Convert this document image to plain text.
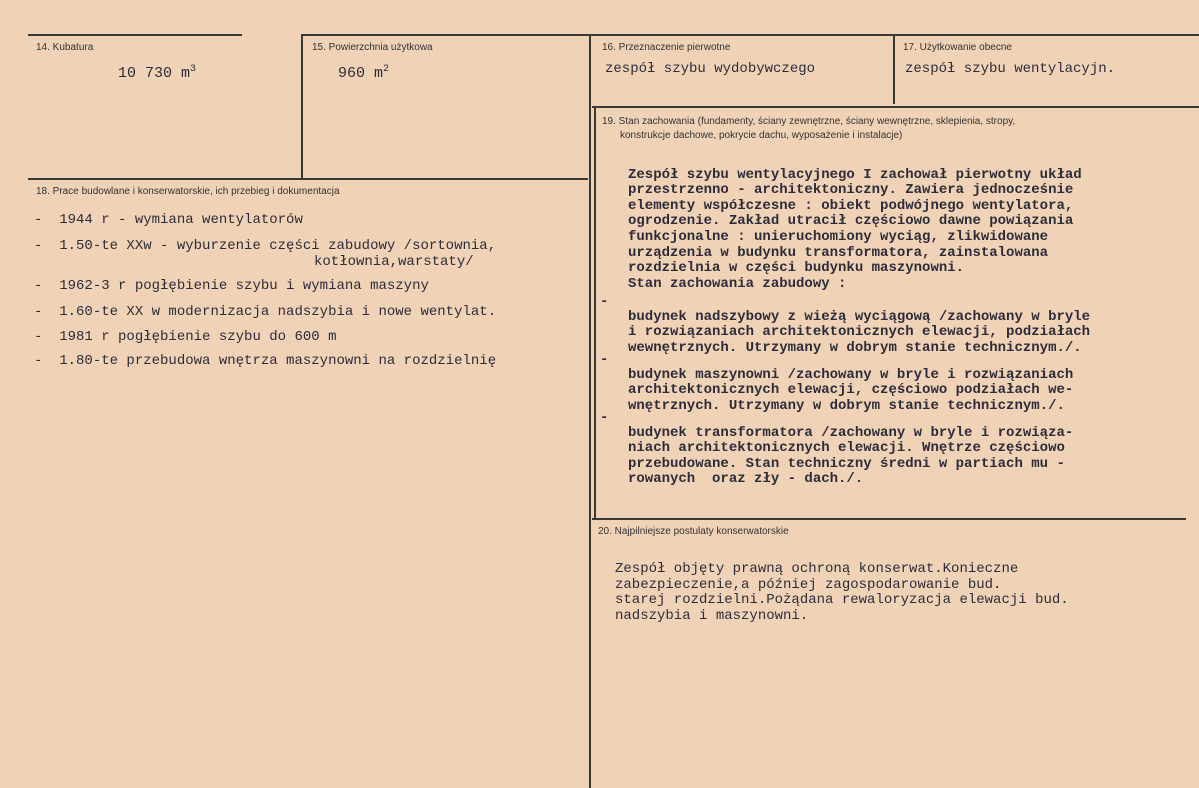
14. Kubatura
10 730 $m^3$
15. Powierzchnia użytkowa
960 $m^2$
16. Przeznaczenie pierwotne
zespół szybu wydobywczego
17. Użytkowanie obecne
zespół szybu wentylacyjn.
18. Prace budowlane i konserwatorskie, ich przebieg i dokumentacja
- 1944 r - wymiana wentylatorów
- 1.50-te XXw - wyburzenie części zabudowy /sortownia,
kotłownia,warstaty/
- 1962-3 r pogłębienie szybu i wymiana maszyny
- 1.60-te XX w modernizacja nadszybia i nowe wentylat.
- 1981 r pogłębienie szybu do 600 m
- 1.80-te przebudowa wnętrza maszynowni na rozdzielnię
19. Stan zachowania (fundamenty, ściany zewnętrzne, ściany wewnętrzne, sklepienia, stropy,
konstrukcje dachowe, pokrycie dachu, wyposażenie i instalacje)

Zespół szybu wentylacyjnego I zachował pierwotny układ
przestrzenno - architektoniczny. Zawiera jednocześnie
elementy współczesne : obiekt podwójnego wentylatora,
ogrodzenie. Zakład utracił częściowo dawne powiązania
funkcjonalne : unieruchomiony wyciąg, zlikwidowane
urządzenia w budynku transformatora, zainstalowana
rozdzielnia w części budynku maszynowni.
Stan zachowania zabudowy :

-

budynek nadszybowy z wieżą wyciągową /zachowany w bryle
i rozwiązaniach architektonicznych elewacji, podziałach
wewnętrznych. Utrzymany w dobrym stanie technicznym./.

-

budynek maszynowni /zachowany w bryle i rozwiązaniach
architektonicznych elewacji, częściowo podziałach we-
wnętrznych. Utrzymany w dobrym stanie technicznym./.

-

budynek transformatora /zachowany w bryle i rozwiąza-
niach architektonicznych elewacji. Wnętrze częściowo
przebudowane. Stan techniczny średni w partiach mu -
rowanych  oraz zły - dach./.

20. Najpilniejsze postulaty konserwatorskie

Zespół objęty prawną ochroną konserwat.Konieczne
zabezpieczenie,a później zagospodarowanie bud.
starej rozdzielni.Pożądana rewaloryzacja elewacji bud.
nadszybia i maszynowni.
